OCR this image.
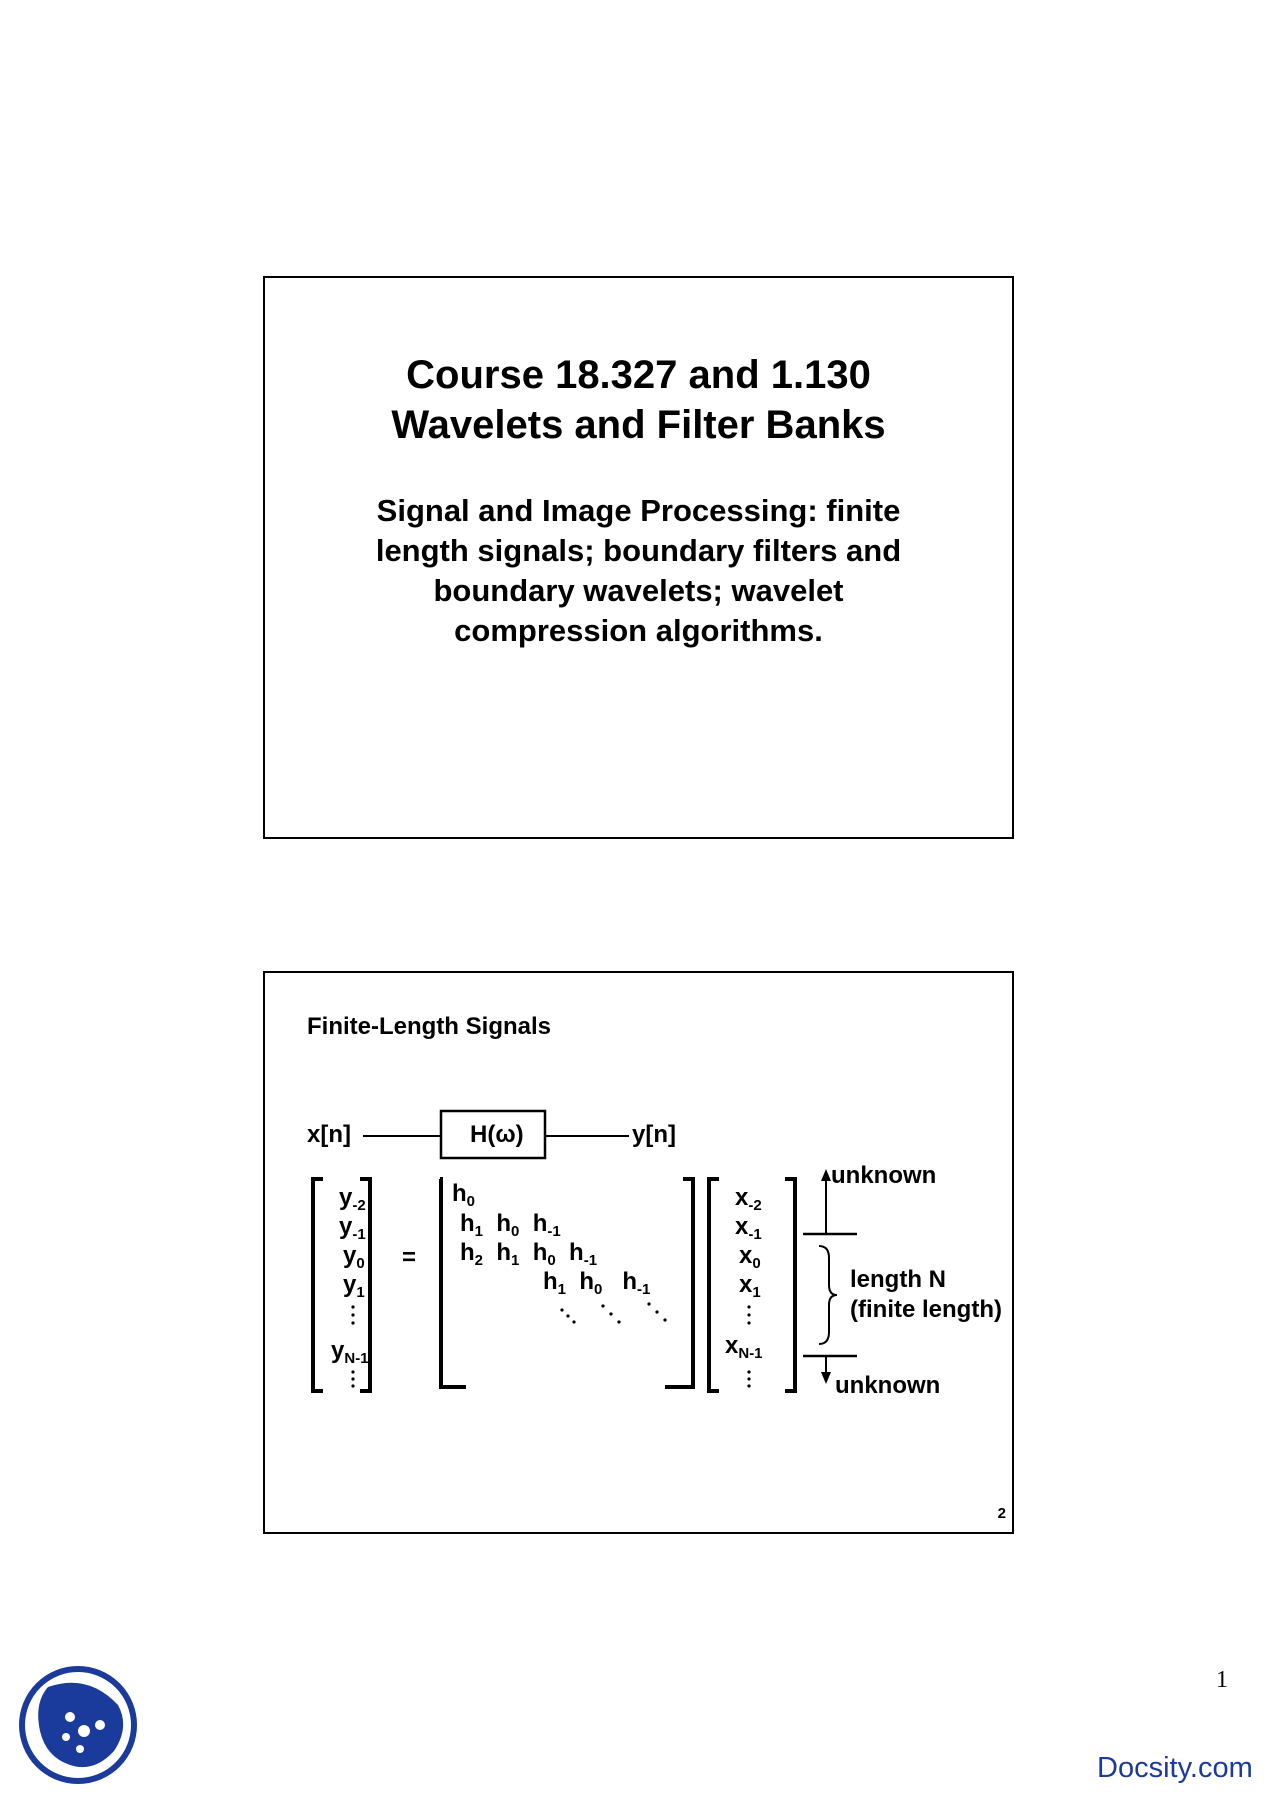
Course 18.327 and 1.130
Wavelets and Filter Banks
Signal and Image Processing: finite
length signals; boundary filters and
boundary wavelets; wavelet
compression algorithms.
Finite-Length Signals
x[n]	H(ω)	y[n]
$y_{-2}$
$y_{-1}$
$y_0$
$y_1$
$y_{N-1}$
=
$h_0$
$h_1$  $h_0$  $h_{-1}$
$h_2$  $h_1$  $h_0$  $h_{-1}$
$h_1$  $h_0$   $h_{-1}$
$x_{-2}$
$x_{-1}$
$x_0$
$x_1$
$x_{N-1}$
unknown
length N
(finite length)
unknown
2
1
Docsity.com
